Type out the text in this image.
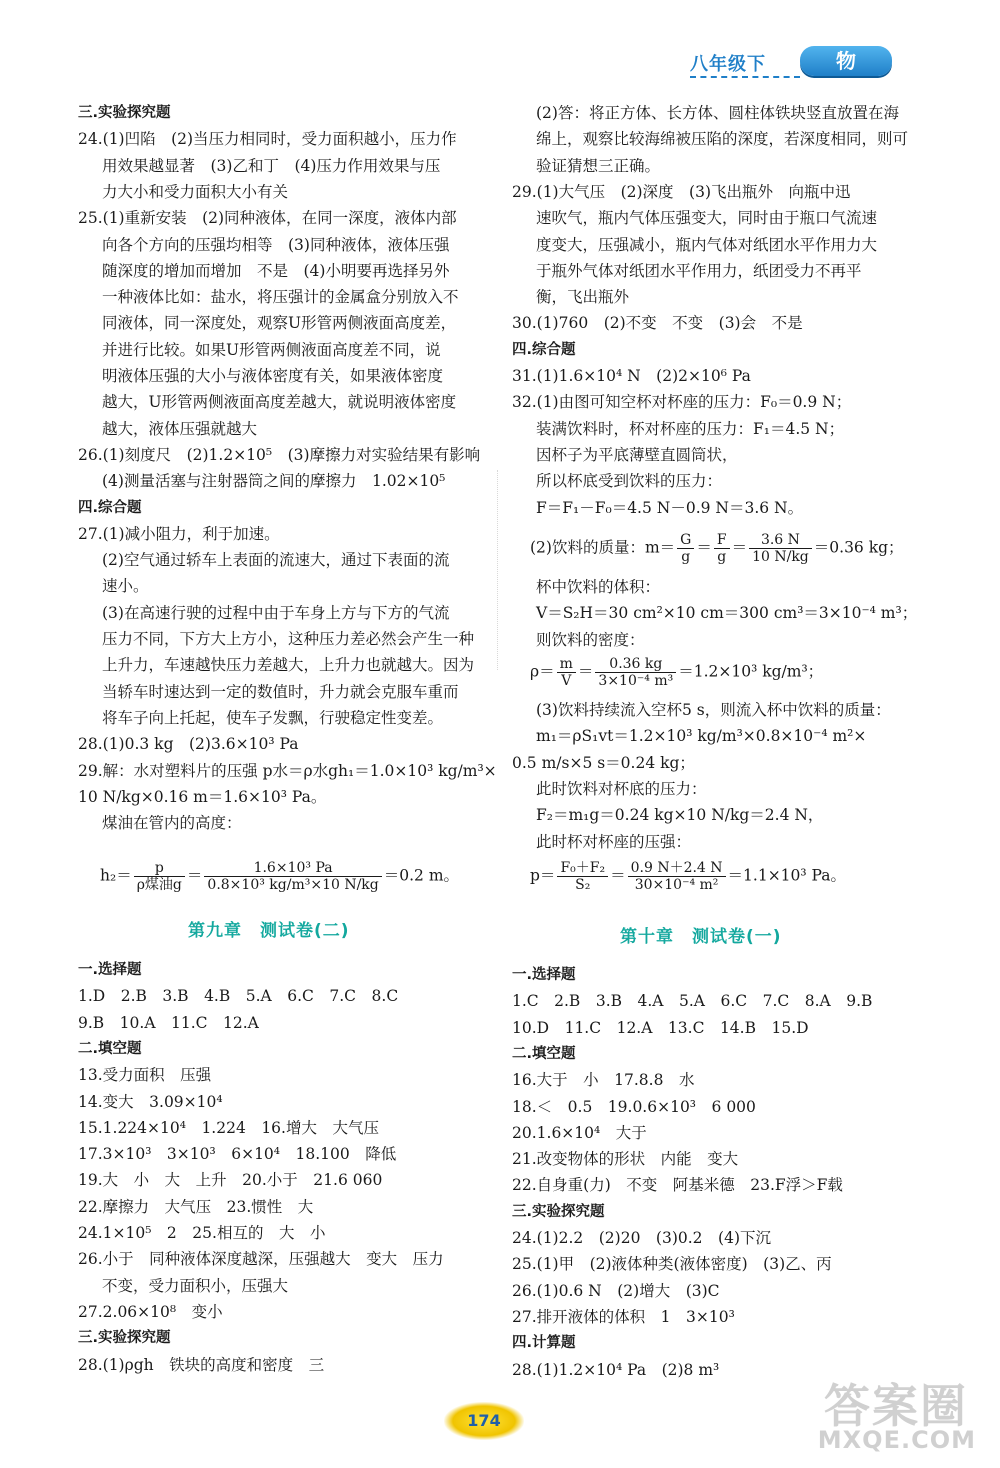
八年级下	物理
三.实验探究题
24.(1)凹陷　(2)当压力相同时，受力面积越小，压力作
用效果越显著　(3)乙和丁　(4)压力作用效果与压
力大小和受力面积大小有关
25.(1)重新安装　(2)同种液体，在同一深度，液体内部
向各个方向的压强均相等　(3)同种液体，液体压强
随深度的增加而增加　不是　(4)小明要再选择另外
一种液体比如：盐水，将压强计的金属盒分别放入不
同液体，同一深度处，观察U形管两侧液面高度差，
并进行比较。如果U形管两侧液面高度差不同，说
明液体压强的大小与液体密度有关，如果液体密度
越大，U形管两侧液面高度差越大，就说明液体密度
越大，液体压强就越大
26.(1)刻度尺　(2)1.2×10⁵　(3)摩擦力对实验结果有影响
(4)测量活塞与注射器筒之间的摩擦力　1.02×10⁵
四.综合题
27.(1)减小阻力，利于加速。
(2)空气通过轿车上表面的流速大，通过下表面的流
速小。
(3)在高速行驶的过程中由于车身上方与下方的气流
压力不同，下方大上方小，这种压力差必然会产生一种
上升力，车速越快压力差越大，上升力也就越大。因为
当轿车时速达到一定的数值时，升力就会克服车重而
将车子向上托起，使车子发飘，行驶稳定性变差。
28.(1)0.3 kg　(2)3.6×10³ Pa
29.解：水对塑料片的压强 p水＝ρ水gh₁＝1.0×10³ kg/m³×
10 N/kg×0.16 m＝1.6×10³ Pa。
煤油在管内的高度：
一.选择题
1.D　2.B　3.B　4.B　5.A　6.C　7.C　8.C
9.B　10.A　11.C　12.A
二.填空题
13.受力面积　压强
14.变大　3.09×10⁴
15.1.224×10⁴　1.224　16.增大　大气压
17.3×10³　3×10³　6×10⁴　18.100　降低
19.大　小　大　上升　20.小于　21.6 060
22.摩擦力　大气压　23.惯性　大
24.1×10⁵　2　25.相互的　大　小
26.小于　同种液体深度越深，压强越大　变大　压力
不变，受力面积小，压强大
27.2.06×10⁸　变小
三.实验探究题
28.(1)ρgh　铁块的高度和密度　三
(2)答：将正方体、长方体、圆柱体铁块竖直放置在海
绵上，观察比较海绵被压陷的深度，若深度相同，则可
验证猜想三正确。
29.(1)大气压　(2)深度　(3)飞出瓶外　向瓶中迅
速吹气，瓶内气体压强变大，同时由于瓶口气流速
度变大，压强减小，瓶内气体对纸团水平作用力大
于瓶外气体对纸团水平作用力，纸团受力不再平
衡，飞出瓶外
30.(1)760　(2)不变　不变　(3)会　不是
四.综合题
31.(1)1.6×10⁴ N　(2)2×10⁶ Pa
32.(1)由图可知空杯对杯座的压力：F₀＝0.9 N；
装满饮料时，杯对杯座的压力：F₁＝4.5 N；
因杯子为平底薄壁直圆筒状，
所以杯底受到饮料的压力：
F＝F₁－F₀＝4.5 N－0.9 N＝3.6 N。
杯中饮料的体积：
V＝S₂H＝30 cm²×10 cm＝300 cm³＝3×10⁻⁴ m³；
则饮料的密度：
(3)饮料持续流入空杯5 s，则流入杯中饮料的质量：
m₁＝ρS₁vt＝1.2×10³ kg/m³×0.8×10⁻⁴ m²×
0.5 m/s×5 s＝0.24 kg；
此时饮料对杯底的压力：
F₂＝m₁g＝0.24 kg×10 N/kg＝2.4 N，
此时杯对杯座的压强：
一.选择题
1.C　2.B　3.B　4.A　5.A　6.C　7.C　8.A　9.B
10.D　11.C　12.A　13.C　14.B　15.D
二.填空题
16.大于　小　17.8.8　水
18.＜　0.5　19.0.6×10³　6 000
20.1.6×10⁴　大于
21.改变物体的形状　内能　变大
22.自身重(力)　不变　阿基米德　23.F浮＞F载
三.实验探究题
24.(1)2.2　(2)20　(3)0.2　(4)下沉
25.(1)甲　(2)液体种类(液体密度)　(3)乙、丙
26.(1)0.6 N　(2)增大　(3)C
27.排开液体的体积　1　3×10³
四.计算题
28.(1)1.2×10⁴ Pa　(2)8 m³
第九章　测试卷(二)	第十章　测试卷(一)
$h_2= \frac{p}{\text{ρ煤油g}} = \frac{\text{1.6×10³ Pa}}{\text{0.8×10³ kg/m³×10 N/kg}} =0.2$ m。
(2)饮料的质量：$m= \frac{G}{g} = \frac{F}{g} = \frac{3.6 N}{10 N/kg} =0.36$ kg；
$\rho= \frac{m}{V} = \frac{0.36 kg}{\text{3×10⁻⁴ m³}} =1.2\times 10^3$ kg/m³；
$p= \frac{\text{F₀＋F₂}}{\text{S₂}} = \frac{0.9 N+2.4 N}{\text{30×10⁻⁴ m²}} =1.1\times 10^3$ Pa。
174	答案圈
MXQE.COM
